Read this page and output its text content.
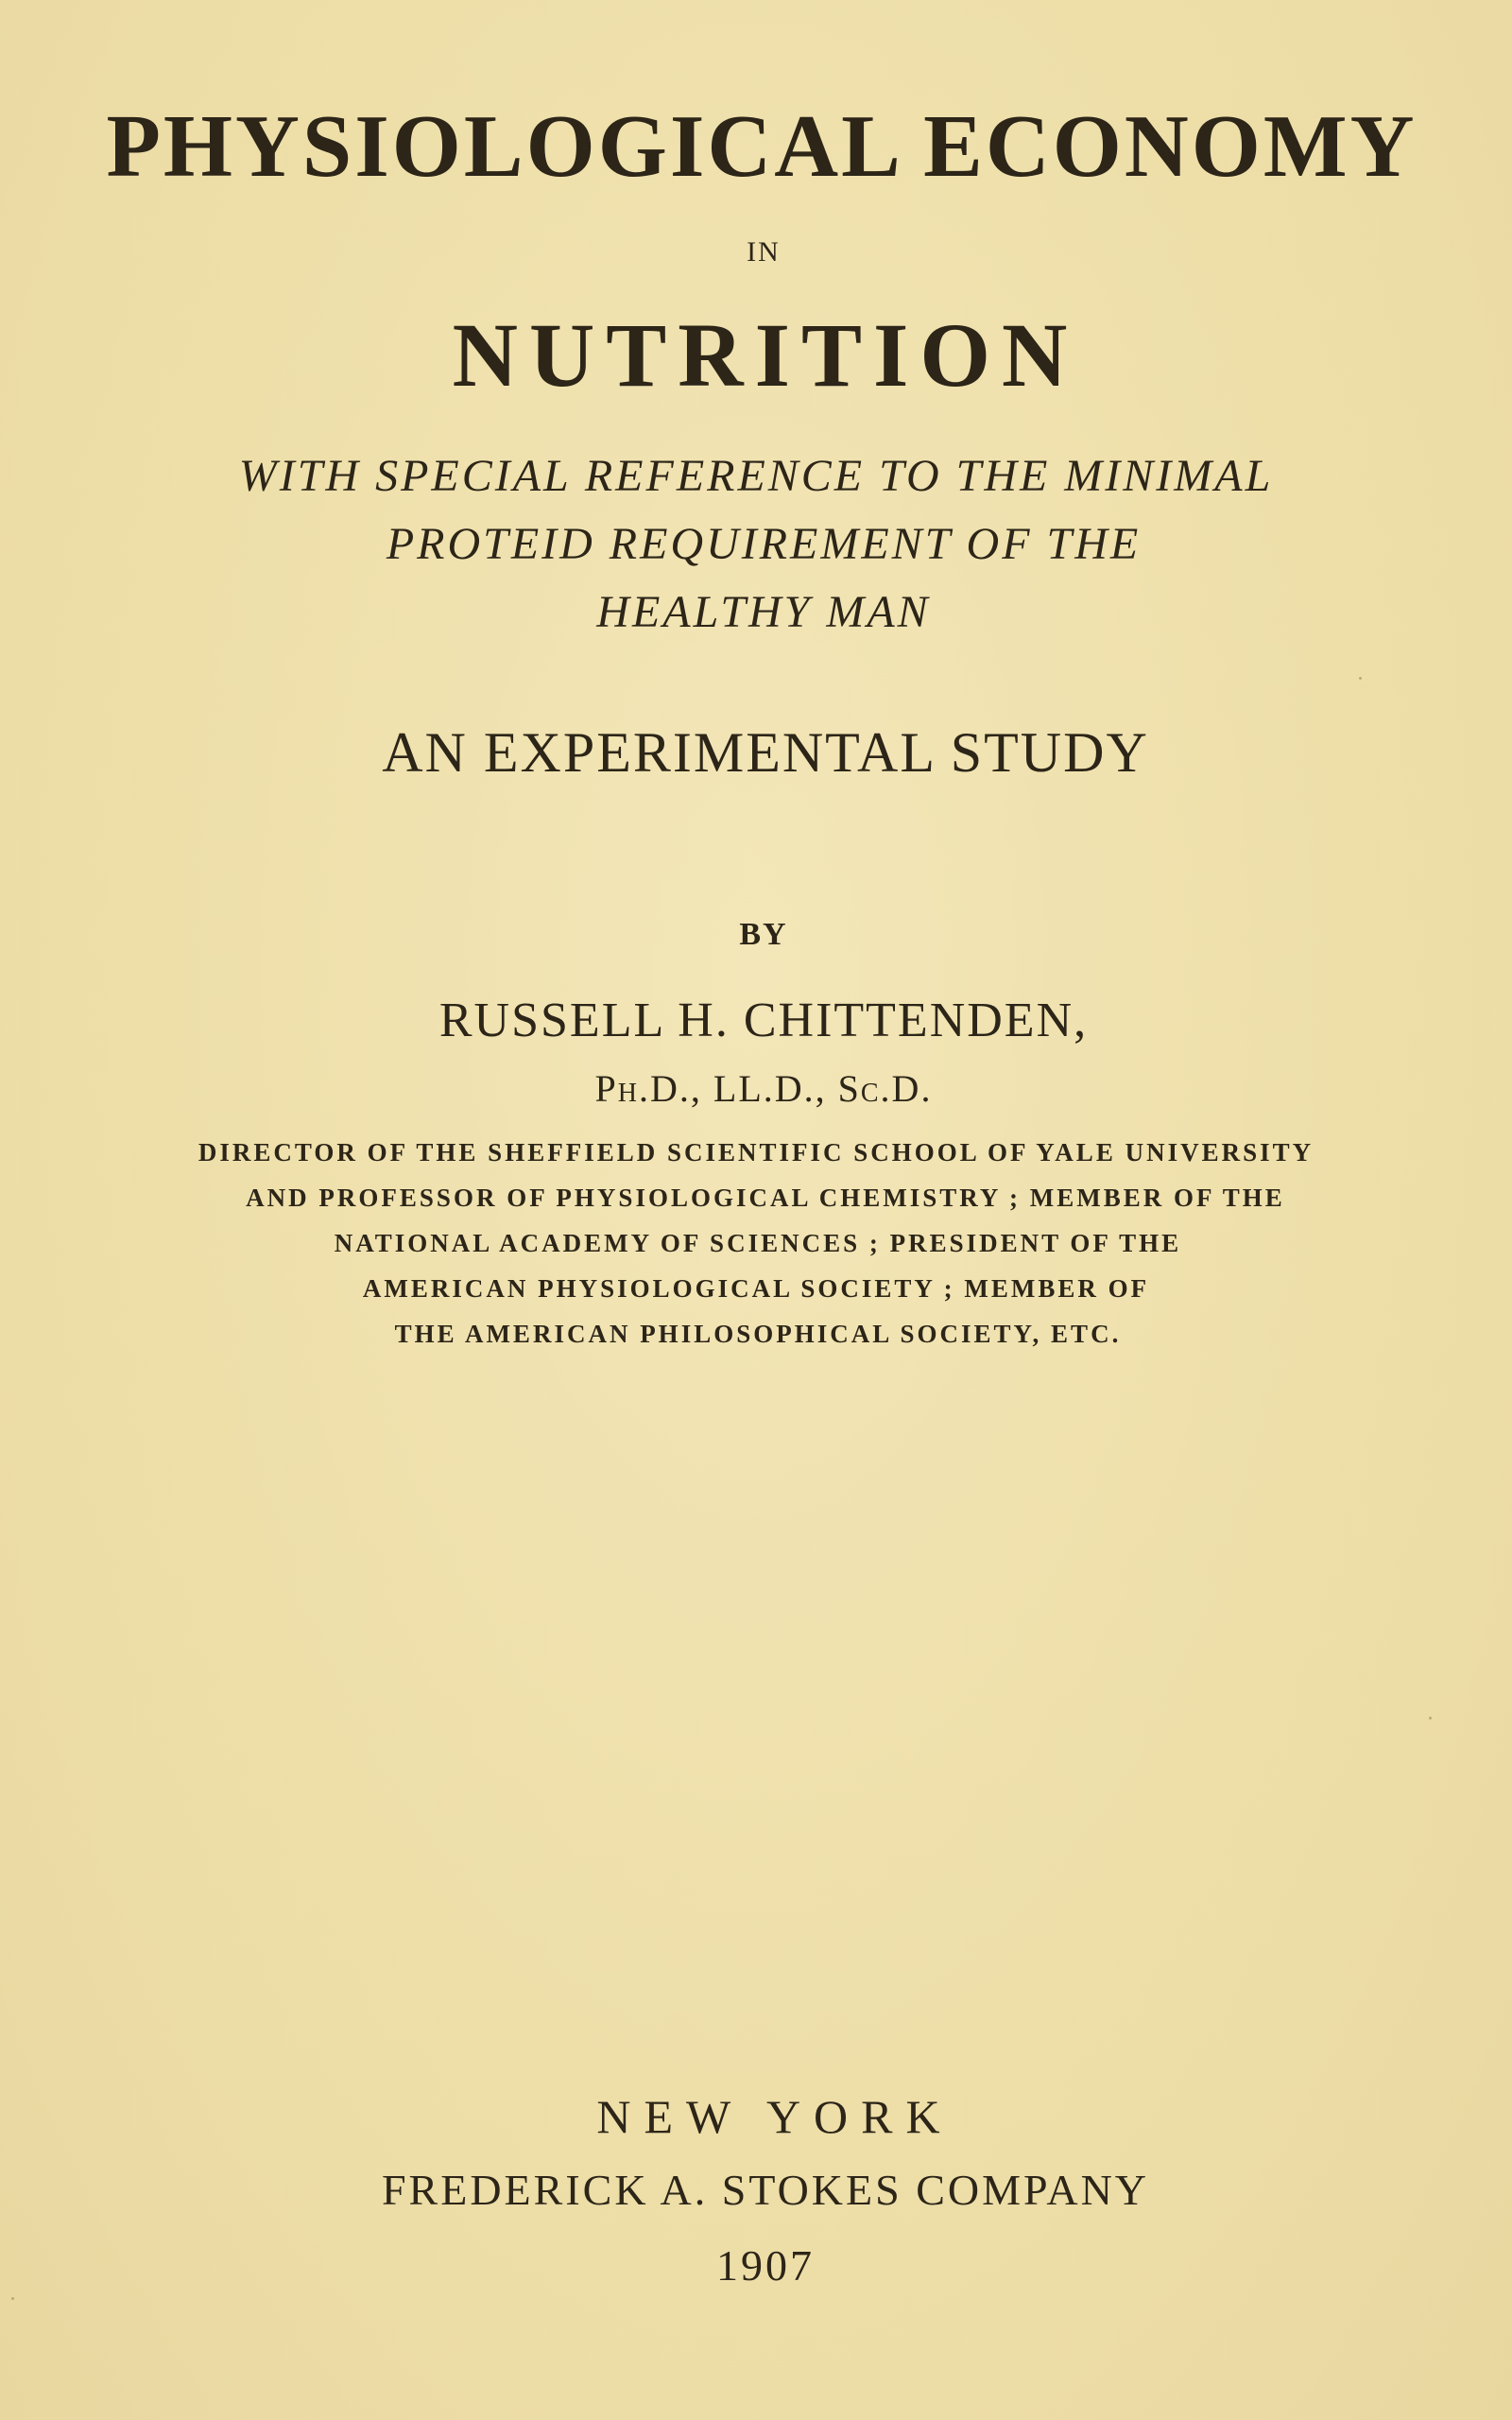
PHYSIOLOGICAL ECONOMY
IN
NUTRITION
WITH SPECIAL REFERENCE TO THE MINIMAL
PROTEID REQUIREMENT OF THE
HEALTHY MAN
AN EXPERIMENTAL STUDY
BY
RUSSELL H. CHITTENDEN,
Ph.D., LL.D., Sc.D.
DIRECTOR OF THE SHEFFIELD SCIENTIFIC SCHOOL OF YALE UNIVERSITY
AND PROFESSOR OF PHYSIOLOGICAL CHEMISTRY ; MEMBER OF THE
NATIONAL ACADEMY OF SCIENCES ; PRESIDENT OF THE
AMERICAN PHYSIOLOGICAL SOCIETY ; MEMBER OF
THE AMERICAN PHILOSOPHICAL SOCIETY, ETC.
NEW YORK
FREDERICK A. STOKES COMPANY
1907
